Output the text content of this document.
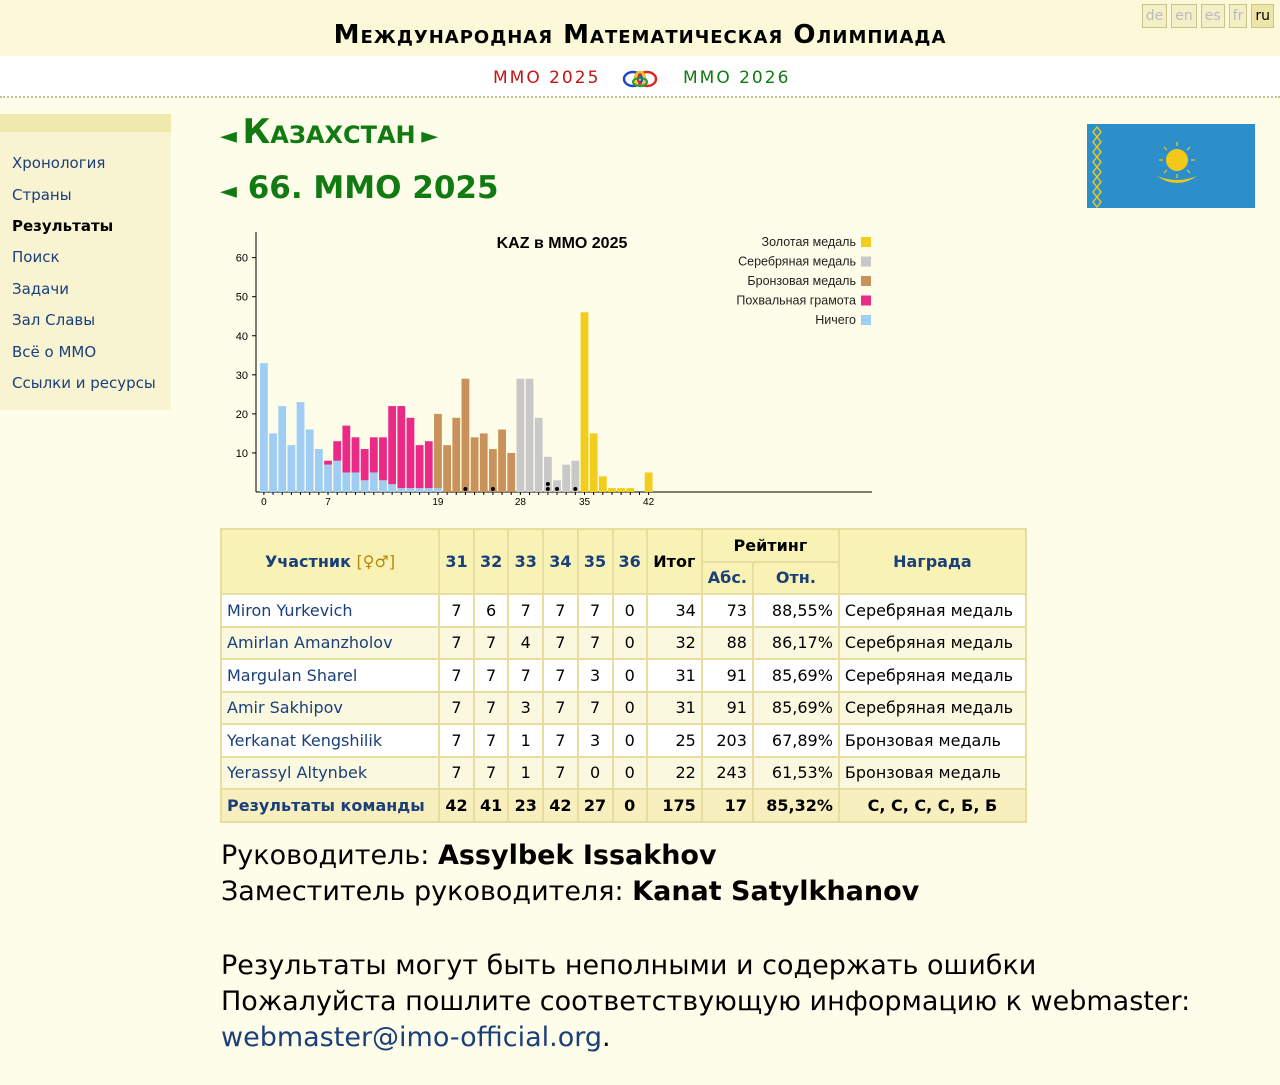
Международная Математическая Олимпиада
de en es fr ru
ММО 2025	ММО 2026
Хронология
Страны
Результаты
Поиск
Задачи
Зал Славы
Всё о ММО
Ссылки и ресурсы
◄ Казахстан ►
◄ 66. ММО 2025
KAZ в ММО 2025	Золотая медаль
Серебряная медаль
Бронзовая медаль
Похвальная грамота
Ничего
10
20
30
40
50
60
0	7	19	28	35	42
Участник [♀♂]	31	32	33	34	35	36	Итог	Рейтинг		Награда
								Абс.	Отн.	
Miron Yurkevich	7	6	7	7	7	0	34	73	88,55%	Серебряная медаль
Amirlan Amanzholov	7	7	4	7	7	0	32	88	86,17%	Серебряная медаль
Margulan Sharel	7	7	7	7	3	0	31	91	85,69%	Серебряная медаль
Amir Sakhipov	7	7	3	7	7	0	31	91	85,69%	Серебряная медаль
Yerkanat Kengshilik	7	7	1	7	3	0	25	203	67,89%	Бронзовая медаль
Yerassyl Altynbek	7	7	1	7	0	0	22	243	61,53%	Бронзовая медаль
Результаты команды	42	41	23	42	27	0	175	17	85,32%	С, С, С, С, Б, Б
Руководитель: Assylbek Issakhov
Заместитель руководителя: Kanat Satylkhanov
Результаты могут быть неполными и содержать ошибки
Пожалуйста пошлите соответствующую информацию к webmaster:
webmaster@imo-official.org.
